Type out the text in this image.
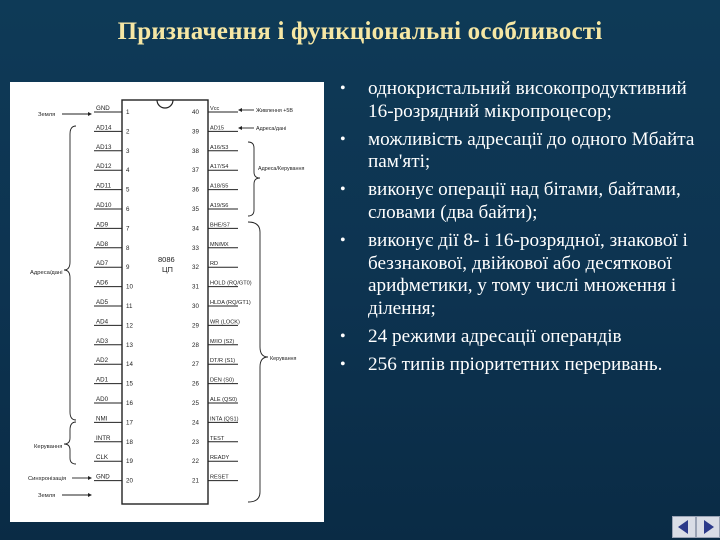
Призначення і функціональні особливості
8086
ЦП
GND
1
AD14
2
AD13
3
AD12
4
AD11
5
AD10
6
AD9
7
AD8
8
AD7
9
AD6
10
AD5
11
AD4
12
AD3
13
AD2
14
AD1
15
AD0
16
NMI
17
INTR
18
CLK
19
GND
20
40 Vcc
39 AD15
38 A16/S3
37 A17/S4
36 A18/S5
35 A19/S6
34 BHE/S7
33 MN/MX
32 RD
31 HOLD (RQ/GT0)
30 HLDA (RQ/GT1)
29 WR (LOCK)
28 M/IO (S2)
27 DT/R (S1)
26 DEN (S0)
25 ALE (QS0)
24 INTA (QS1)
23 TEST
22 READY
21 RESET
Земля
Адреса/дані
Керування
Синхронізація
Земля
Живлення +5В
Адреса/дані
Адреса/Керування
Керування
• однокристальний високопродуктивний 16-розрядний мікропроцесор;
• можливість адресації до одного Мбайта пам'яті;
• виконує операції над бітами, байтами, словами (два байти);
• виконує дії 8- і 16-розрядної, знакової і беззнакової, двійкової або десяткової арифметики, у тому числі множення і ділення;
• 24 режими адресації операндів
• 256 типів пріоритетних переривань.
